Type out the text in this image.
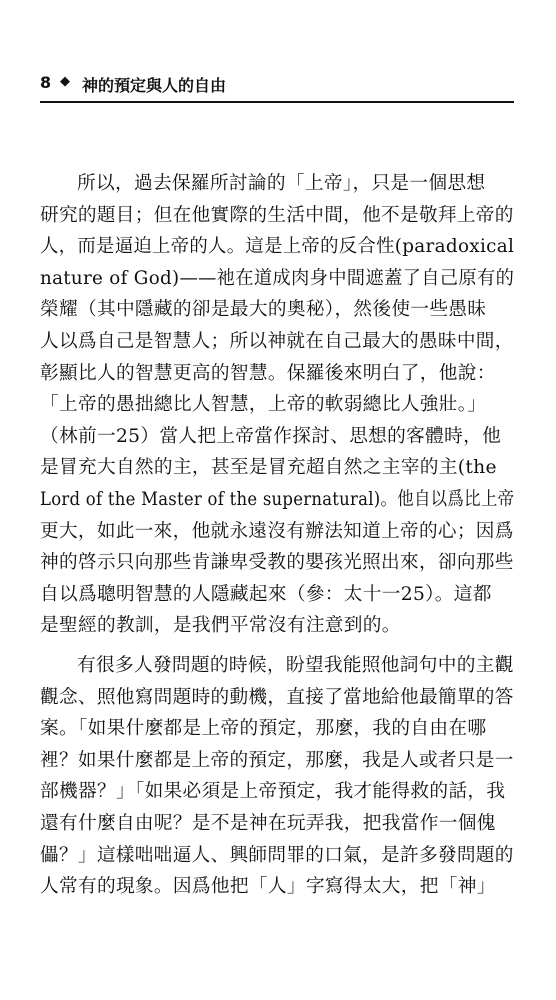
8 ◆ 神的預定與人的自由
所以，過去保羅所討論的「上帝」，只是一個思想
研究的題目；但在他實際的生活中間，他不是敬拜上帝的
人，而是逼迫上帝的人。這是上帝的反合性(paradoxical
nature of God)——祂在道成肉身中間遮蓋了自己原有的
榮耀（其中隱藏的卻是最大的奧秘），然後使一些愚昧
人以爲自己是智慧人；所以神就在自己最大的愚昧中間，
彰顯比人的智慧更高的智慧。保羅後來明白了，他說：
「上帝的愚拙總比人智慧，上帝的軟弱總比人強壯。」
（林前一25）當人把上帝當作探討、思想的客體時，他
是冒充大自然的主，甚至是冒充超自然之主宰的主(the
Lord of the Master of the supernatural)。他自以爲比上帝
更大，如此一來，他就永遠沒有辦法知道上帝的心；因爲
神的啓示只向那些肯謙卑受教的嬰孩光照出來，卻向那些
自以爲聰明智慧的人隱藏起來（參：太十一25）。這都
是聖經的教訓，是我們平常沒有注意到的。
有很多人發問題的時候，盼望我能照他詞句中的主觀
觀念、照他寫問題時的動機，直接了當地給他最簡單的答
案。「如果什麼都是上帝的預定，那麼，我的自由在哪
裡？如果什麼都是上帝的預定，那麼，我是人或者只是一
部機器？」「如果必須是上帝預定，我才能得救的話，我
還有什麼自由呢？是不是神在玩弄我，把我當作一個傀
儡？」這樣咄咄逼人、興師問罪的口氣，是許多發問題的
人常有的現象。因爲他把「人」字寫得太大，把「神」
